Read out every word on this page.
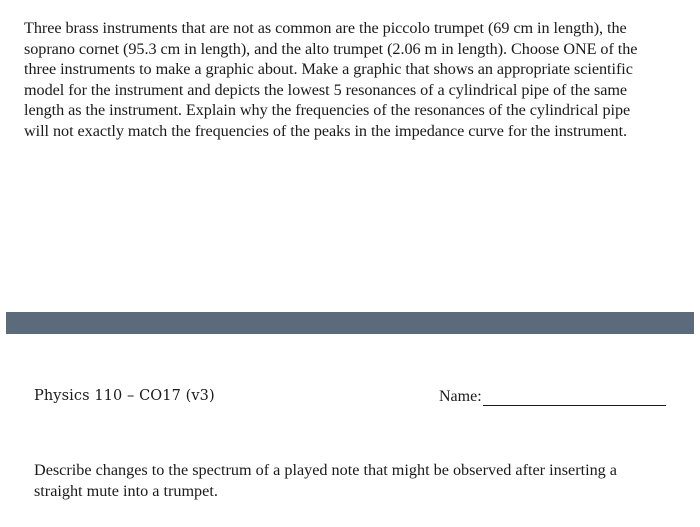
Three brass instruments that are not as common are the piccolo trumpet (69 cm in length), the
soprano cornet (95.3 cm in length), and the alto trumpet (2.06 m in length). Choose ONE of the
three instruments to make a graphic about. Make a graphic that shows an appropriate scientific
model for the instrument and depicts the lowest 5 resonances of a cylindrical pipe of the same
length as the instrument. Explain why the frequencies of the resonances of the cylindrical pipe
will not exactly match the frequencies of the peaks in the impedance curve for the instrument.
Physics 110 – CO17 (v3)	Name:
Describe changes to the spectrum of a played note that might be observed after inserting a
straight mute into a trumpet.
